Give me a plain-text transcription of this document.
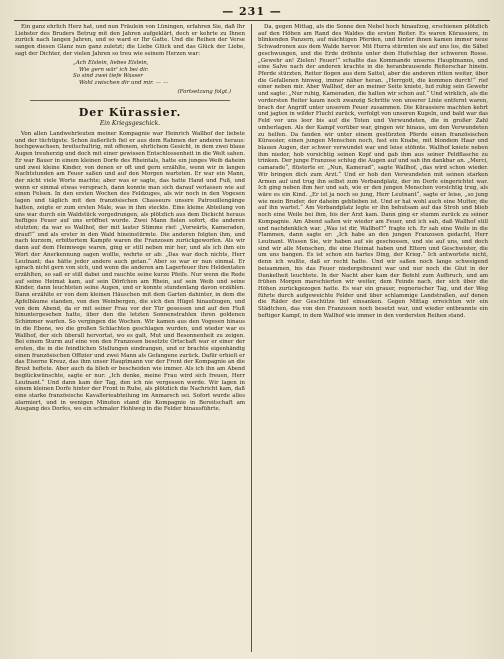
— 231 —

Ein ganz ehrlich Herz hat, und nun Fräulein von Lüningen, erfahren Sie, daß Ihr Liebster des Bruders Betrug mit den Jahren aufgeklärt, doch er kehrte zu Ihnen zurück nach langen Jahren, und so ward er Ihr Gatte. Und die Reihen der Verse sangen diesen Glanz nun ganz zuletzt; die Liebe Glück und das Glück der Liebe, sagt der Dichter, der vielen Jahren so treu wie seinem Herzen war:

„Ach Elslein, liebes Elslein,
Wie gern wär' ich bei dir.
So sind zwei tiefe Wasser
Wohl zwischen dir und mir. — —
(Fortsetzung folgt.)
Der Kürassier.
Ein Kriegsgeschick.

Von allen Landwehrleuten meiner Kompagnie war Heinrich Wallhof der liebste und der tüchtigste. Schon äußerlich fiel er aus dem Rahmen der anderen heraus: hochgewachsen, breitschultrig, mit offenem, ehrlichem Gesicht, in dem zwei blaue Augen treuherzig und doch mit einer gewissen Entschlossenheit in die Welt sahen. Er war Bauer in einem kleinen Dorfe des Rheintals, hatte ein junges Weib daheim und zwei kleine Kinder, von denen er oft und gern erzählte, wenn wir in langen Nachtstunden am Feuer saßen und auf den Morgen warteten. Er war ein Mann, der nicht viele Worte machte; aber was er sagte, das hatte Hand und Fuß, und wenn er einmal etwas versprach, dann konnte man sich darauf verlassen wie auf einen Felsen. In den ersten Wochen des Feldzuges, als wir noch in den Vogesen lagen und täglich mit den französischen Chasseurs unsere Patrouillengänge hatten, zeigte er zum ersten Male, was in ihm steckte. Eine kleine Abteilung von uns war durch ein Waldstück vorgedrungen, als plötzlich aus dem Dickicht heraus heftiges Feuer auf uns eröffnet wurde. Zwei Mann fielen sofort, die anderen stutzten; da war es Wallhof, der mit lauter Stimme rief: „Vorwärts, Kameraden, drauf!“ und als erster in den Wald hineinstürmte. Die anderen folgten ihm, und nach kurzem, erbittertem Kampfe waren die Franzosen zurückgeworfen. Als wir dann auf dem Heimwege waren, ging er still neben mir her, und als ich ihm ein Wort der Anerkennung sagen wollte, wehrte er ab: „Das war doch nichts, Herr Leutnant; das hätte jeder andere auch getan.“ Aber so war er nun einmal. Er sprach nicht gern von sich, und wenn die anderen am Lagerfeuer ihre Heldentaten erzählten, so saß er still dabei und rauchte seine kurze Pfeife. Nur wenn die Rede auf seine Heimat kam, auf sein Dörfchen am Rhein, auf sein Weib und seine Kinder, dann leuchteten seine Augen, und er konnte stundenlang davon erzählen. Dann erzählte er von dem kleinen Häuschen mit dem Garten dahinter, in dem die Apfelbäume standen, von den Weinbergen, die sich den Hügel hinaufzogen, und von dem Abend, da er mit seiner Frau vor der Tür gesessen und auf den Fluß hinuntergesehen hatte, über den die letzten Sonnenstrahlen ihren goldenen Schimmer warfen. So vergingen die Wochen. Wir kamen aus den Vogesen hinaus in die Ebene, wo die großen Schlachten geschlagen wurden, und wieder war es Wallhof, der sich überall hervortat, wo es galt, Mut und Besonnenheit zu zeigen. Bei einem Sturm auf eine von den Franzosen besetzte Ortschaft war er einer der ersten, die in die feindlichen Stellungen eindrangen, und er brachte eigenhändig einen französischen Offizier und zwei Mann als Gefangene zurück. Dafür erhielt er das Eiserne Kreuz, das ihm unser Hauptmann vor der Front der Kompagnie an die Brust heftete. Aber auch da blieb er bescheiden wie immer. Als ich ihn am Abend beglückwünschte, sagte er nur: „Ich denke, meine Frau wird sich freuen, Herr Leutnant.“ Und dann kam der Tag, den ich nie vergessen werde. Wir lagen in einem kleinen Dorfe hinter der Front in Ruhe, als plötzlich die Nachricht kam, daß eine starke französische Kavallerieabteilung im Anmarsch sei. Sofort wurde alles alarmiert, und in wenigen Minuten stand die Kompagnie in Bereitschaft am Ausgang des Dorfes, wo ein schmaler Hohlweg in die Felder hinausführte.

Da, gegen Mittag, als die Sonne den Nebel hoch hinaufzog, erschienen plötzlich auf den Höhen am Rand des Waldes die ersten Reiter. Es waren Kürassiere, in blinkenden Panzern, auf mächtigen Pferden, und hinter ihnen kamen immer neue Schwadronen aus dem Walde hervor. Mit Hurra stürmten sie auf uns los, die Säbel geschwungen, und die Erde dröhnte unter dem Hufschlag der schweren Rosse. „Gewehr an! Zielen! Feuer!“ schallte das Kommando unseres Hauptmanns, und eine Salve nach der anderen krachte in die heranbrausende Reiterschar hinein. Pferde stürzten, Reiter flogen aus dem Sattel, aber die anderen ritten weiter, über die Gefallenen hinweg, immer näher heran. „Herrgott, die kommen durch!“ rief einer neben mir. Aber Wallhof, der an meiner Seite kniete, lud ruhig sein Gewehr und sagte: „Nur ruhig, Kameraden, die halten wir schon auf.“ Und wirklich, als die vordersten Reiter kaum noch zwanzig Schritte von unserer Linie entfernt waren, brach der Angriff unter unserem Feuer zusammen. Die Kürassiere machten kehrt und jagten in wilder Flucht zurück, verfolgt von unseren Kugeln, und bald war das Feld vor uns leer bis auf die Toten und Verwundeten, die in großer Zahl umherlagen. Als der Kampf vorüber war, gingen wir hinaus, um den Verwundeten zu helfen. Da fanden wir unter einem gestürzten Pferde einen französischen Kürassier, einen jungen Menschen noch, fast ein Knabe, mit blondem Haar und blauen Augen, der schwer verwundet war und leise stöhnte. Wallhof kniete neben ihm nieder, hob vorsichtig seinen Kopf und gab ihm aus seiner Feldflasche zu trinken. Der junge Franzose schlug die Augen auf und sah ihn dankbar an. „Merci, camarade“, flüsterte er. „Nun, Kamerad“, sagte Wallhof, „das wird schon wieder. Wir bringen dich zum Arzt.“ Und er hob den Verwundeten mit seinen starken Armen auf und trug ihn selbst zum Verbandplatz, der im Dorfe eingerichtet war. Ich ging neben ihm her und sah, wie er den jungen Menschen vorsichtig trug, als wäre es ein Kind. „Er ist ja noch so jung, Herr Leutnant“, sagte er leise, „so jung wie mein Bruder, der daheim geblieben ist. Und er hat wohl auch eine Mutter, die auf ihn wartet.“ Am Verbandplatz legte er ihn behutsam auf das Stroh und blieb noch eine Weile bei ihm, bis der Arzt kam. Dann ging er stumm zurück zu seiner Kompagnie. Am Abend saßen wir wieder am Feuer, und ich sah, daß Wallhof still und nachdenklich war. „Was ist dir, Wallhof?“ fragte ich. Er sah eine Weile in die Flammen, dann sagte er: „Ich habe an den jungen Franzosen gedacht, Herr Leutnant. Wissen Sie, wir haben auf sie geschossen, und sie auf uns, und doch sind wir alle Menschen, die eine Heimat haben und Eltern und Geschwister, die um uns bangen. Es ist schon ein hartes Ding, der Krieg.“ Ich antwortete nicht, denn ich wußte, daß er recht hatte. Und wir saßen noch lange schweigend beisammen, bis das Feuer niedergebrannt war und nur noch die Glut in der Dunkelheit leuchtete. In der Nacht aber kam der Befehl zum Aufbruch, und am frühen Morgen marschierten wir weiter, dem Feinde nach, der sich über die Höhen zurückgezogen hatte. Es war ein grauer, regnerischer Tag, und der Weg führte durch aufgeweichte Felder und über schlammige Landstraßen, auf denen die Räder der Geschütze tief einsanken. Gegen Mittag erreichten wir ein Städtchen, das von den Franzosen noch besetzt war, und wieder entbrannte ein heftiger Kampf, in dem Wallhof wie immer in den vordersten Reihen stand.
